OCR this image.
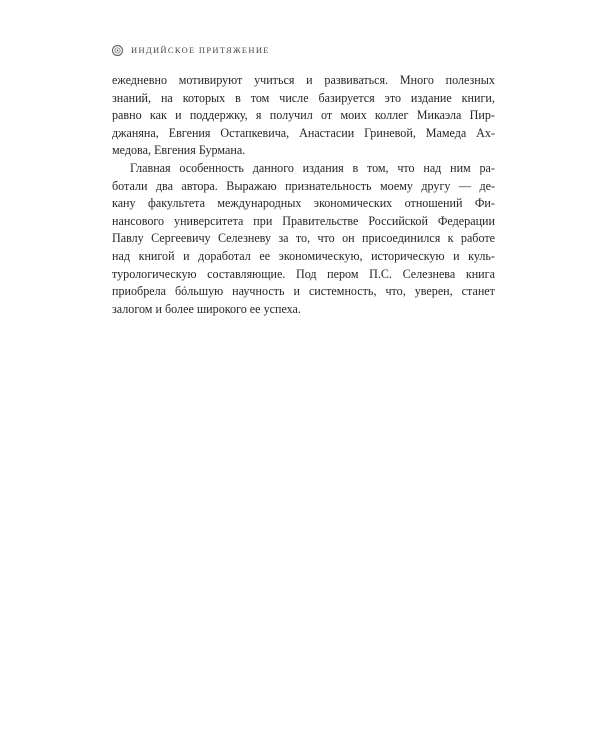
ИНДИЙСКОЕ ПРИТЯЖЕНИЕ
ежедневно мотивируют учиться и развиваться. Много полезных
знаний, на которых в том числе базируется это издание книги,
равно как и поддержку, я получил от моих коллег Микаэла Пир-
джаняна, Евгения Остапкевича, Анастасии Гриневой, Мамеда Ах-
медова,
Евгения
Бурмана.
Главная особенность данного издания в том, что над ним ра-
ботали два автора. Выражаю признательность моему другу — де-
кану факультета международных экономических отношений Фи-
нансового университета при Правительстве Российской Федерации
Павлу Сергеевичу Селезневу за то, что он присоединился к работе
над книгой и доработал ее экономическую, историческую и куль-
турологическую составляющие. Под пером П.С. Селезнева книга
приобрела бóльшую научность и системность, что, уверен, станет
залогом
и
более
широкого
ее
успеха.
